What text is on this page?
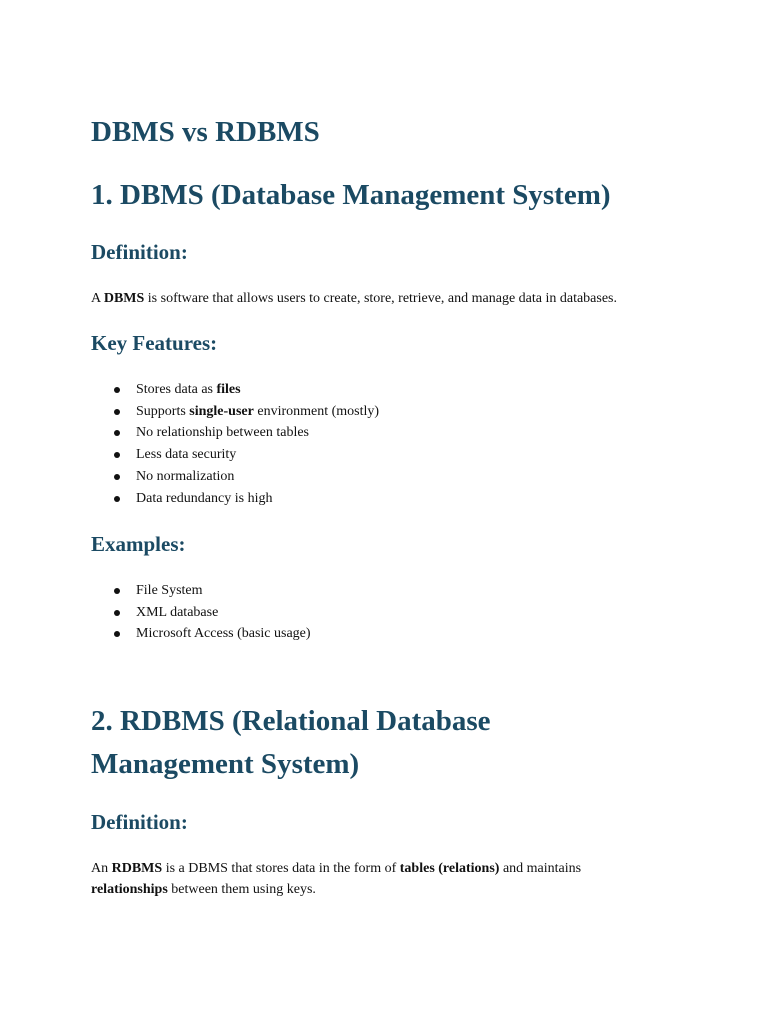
DBMS vs RDBMS
1. DBMS (Database Management System)
Definition:

A DBMS is software that allows users to create, store, retrieve, and manage data in databases.

Key Features:
Stores data as files
Supports single-user environment (mostly)
No relationship between tables
Less data security
No normalization
Data redundancy is high
Examples:
File System
XML database
Microsoft Access (basic usage)
2. RDBMS (Relational Database
Management System)
Definition:

An RDBMS is a DBMS that stores data in the form of tables (relations) and maintains
relationships between them using keys.
